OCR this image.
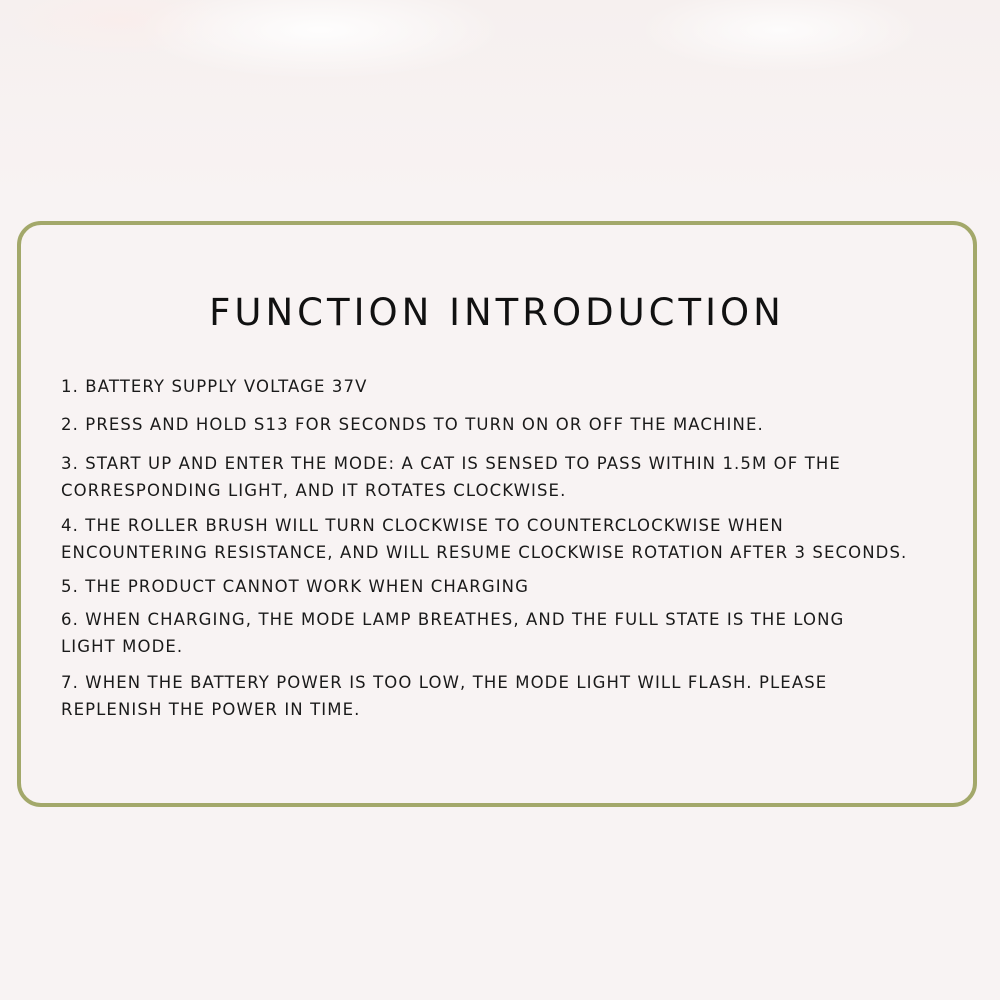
FUNCTION INTRODUCTION

1. BATTERY SUPPLY VOLTAGE 37V

2. PRESS AND HOLD S13 FOR SECONDS TO TURN ON OR OFF THE MACHINE.

3. START UP AND ENTER THE MODE: A CAT IS SENSED TO PASS WITHIN 1.5M OF THE
CORRESPONDING LIGHT, AND IT ROTATES CLOCKWISE.

4. THE ROLLER BRUSH WILL TURN CLOCKWISE TO COUNTERCLOCKWISE WHEN
ENCOUNTERING RESISTANCE, AND WILL RESUME CLOCKWISE ROTATION AFTER 3 SECONDS.

5. THE PRODUCT CANNOT WORK WHEN CHARGING

6. WHEN CHARGING, THE MODE LAMP BREATHES, AND THE FULL STATE IS THE LONG
LIGHT MODE.

7. WHEN THE BATTERY POWER IS TOO LOW, THE MODE LIGHT WILL FLASH. PLEASE
REPLENISH THE POWER IN TIME.
